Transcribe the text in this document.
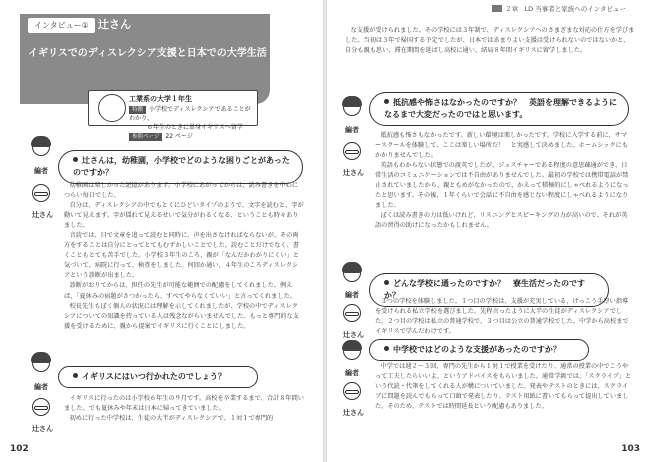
インタビュー① 辻さん
イギリスでのディスレクシア支援と日本での大学生活
工業系の大学１年生
特徴 小学校でディスレクシアであることがわかり、
６年生のときに単身イギリスへ留学
参照ページ 22 ページ
編者
辻さん
辻さんは，幼稚園，小学校でどのような困りごとがあったのですか？

幼稚園は楽しかった記憶があります。小学校にあがってからは、読み書きを中心につらい毎日でした。

自分は、ディスレクシアの中でもとくにひどいタイプのようで、文字を読むと、字が動いて見えます。字が揺れて見えるせいで気分がわるくなる、ということも時々ありました。

音読では、目で文章を追って読むと同時に、声を出さなければならないが、その両方をすることは自分にとってとてもむずかしいことでした。読むことだけでなく、書くこともとても苦手でした。小学校３年生のころ、親が「なんだかわかりにくい」と気づいて、病院に行って、検査をしました。何回か通い、４年生のころディスレクシアという診断が出ました。

診断がおりてからは、担任の先生が可能な範囲での配慮をしてくれました。例えば、「夏休みの宿題がさつかったら、すべてやらなくていい」と言ってくれました。

校長先生もぼく個人の状況には理解を示してくれましたが、学校の中でディスレクシアについての知識を持っている人は残念ながらいませんでした。もっと専門的な支援を受けるために、親から提案でイギリスに行くことにしました。

編者
辻さん
イギリスにはいつ行かれたのでしょう？

イギリスに行ったのは小学校６年生の９月です。高校を卒業するまで、合計８年間いました。でも夏休みや年末は日本に帰ってきていました。

初めに行った中学校は、生徒の大半がディスレクシアで、１対１で専門的

102
２章　LD 当事者と家族へのインタビュー

な支援が受けられました。その学校には３年制で、ディスレクシアへのさまざまな対応の仕方を学びました。当初は３年で帰国する予定でしたが、日本ではあまりよい支援は受けられないのではないかと、自分も親も思い、滞在期間を延ばし高校に通い、結局８年間イギリスに留学しました。

編者
辻さん
抵抗感や怖さはなかったのですか？　英語を理解できるようになるまで大変だったのではと思います。

抵抗感も怖さもなかったです。新しい環境は楽しかったです。学校に入学する前に、サマースクールを体験して、ここは楽しい場所だ！　と実感して決めました。ホームシックにもかかりませんでした。

英語もわからない状態での渡英でしたが、ジェスチャーである程度の意思疎通ができ、日常生活のコミュニケーションでは不自由がありませんでした。最初の学校では携帯電話が禁止されていましたから、親ともめがなかったので、かえって積極的にしゃべれるようになったと思います。その後、１年くらいで会話に不自由を感じない程度にしゃべれるようになりました。

ぼくは読み書きの力は低いけれど、リスニングとスピーキングの力が高いので、それが英語の習得の助けになったかもしれません。

編者
辻さん
どんな学校に通ったのですか？　寮生活だったのですか？

３つの学校を体験しました。１つ目の学校は、支援が充実している、けっこう手厚い指導を受けられる私立学校を選びました。先程言ったように大半の生徒がディスレクシアでした。２つ目の学校は私立の普通学校で、３つ目は公立の普通学校でした。中学から高校までイギリスで学んだわけです。

編者
辻さん
中学校ではどのような支援があったのですか？

中学では週２〜３回、専門の先生から１対１で授業を受けたり、通常の授業の中でこうやって工夫したらいいよ、というアドバイスをもらいました。通常学級では、「スクライブ」という代読・代筆をしてくれる人が構についていました。発表やテストのときには、スクライブに問題を読んでもらって口頭で発表したり、テスト用紙に書いてもらって提出していました。そのため、テストでは時間延長という配慮もありました。

103
